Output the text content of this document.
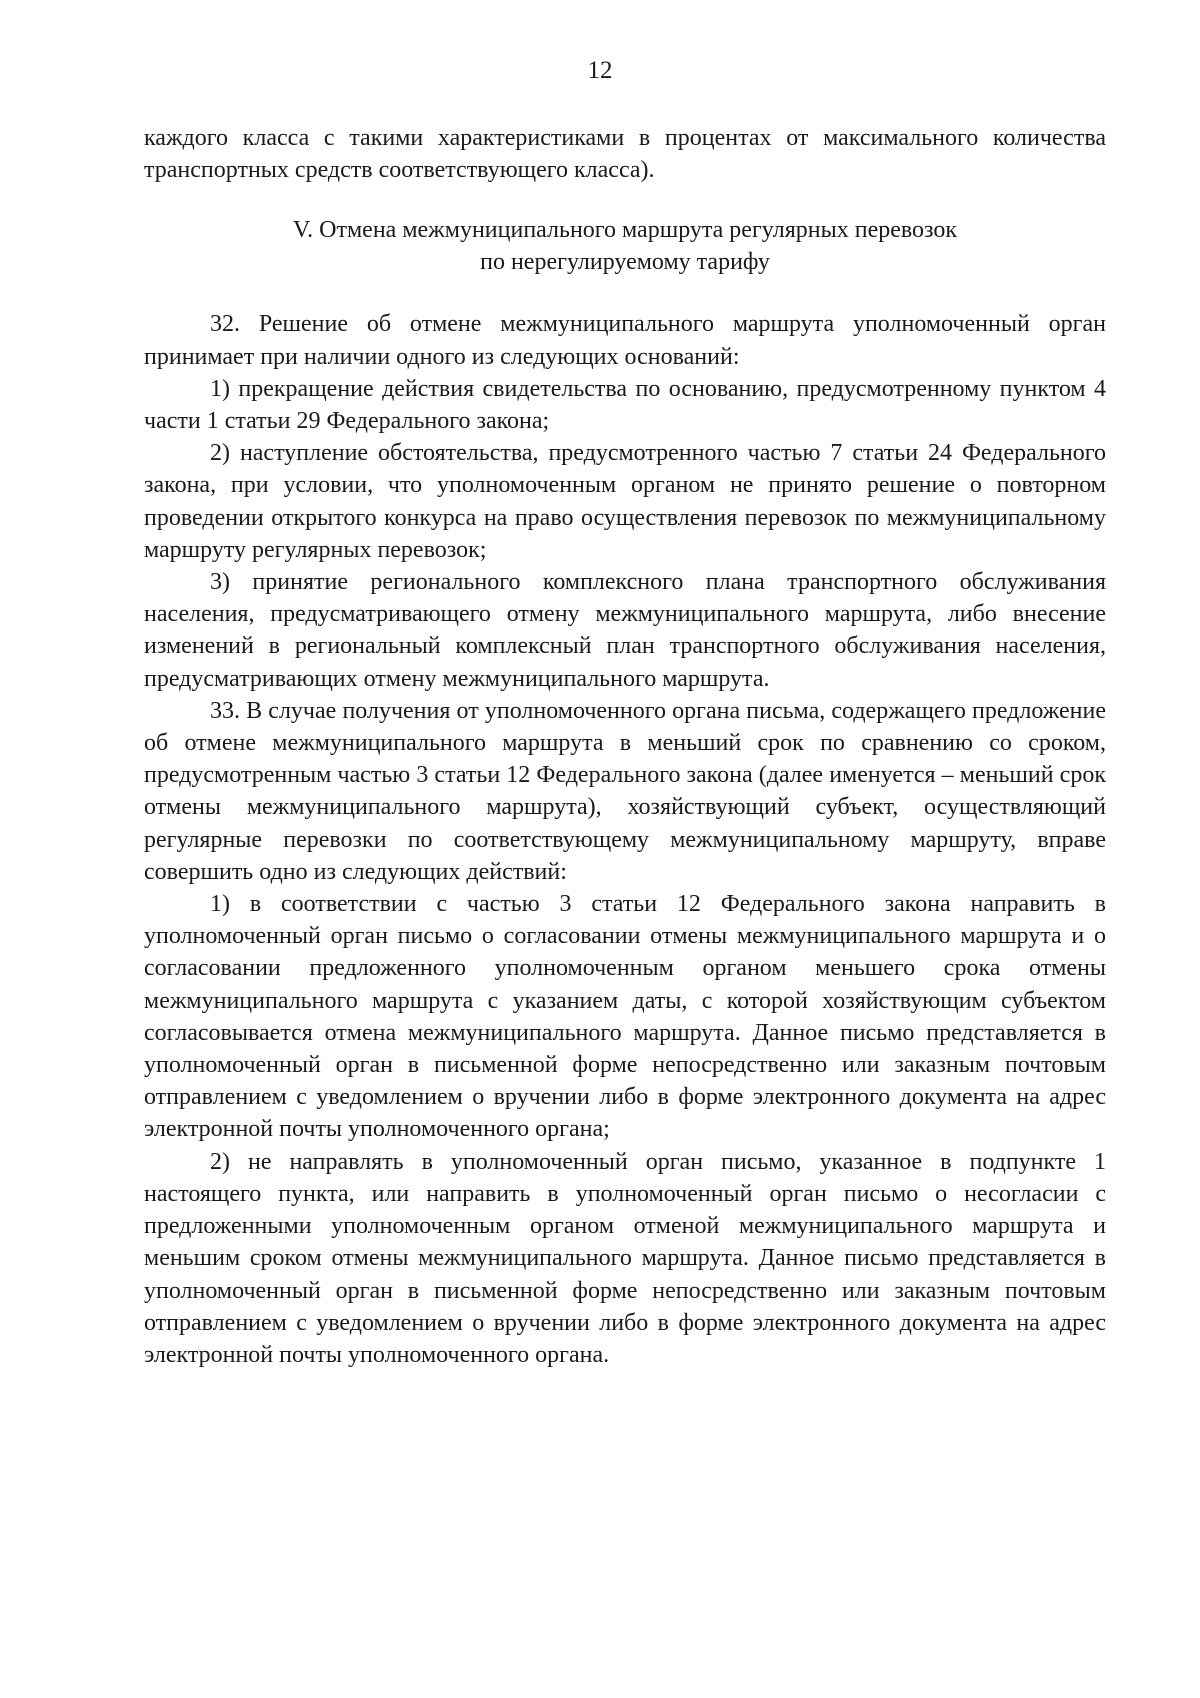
12

каждого класса с такими характеристиками в процентах от максимального количества транспортных средств соответствующего класса).

V. Отмена межмуниципального маршрута регулярных перевозок
по нерегулируемому тарифу

32. Решение об отмене межмуниципального маршрута уполномоченный орган принимает при наличии одного из следующих оснований:

1) прекращение действия свидетельства по основанию, предусмотренному пунктом 4 части 1 статьи 29 Федерального закона;

2) наступление обстоятельства, предусмотренного частью 7 статьи 24 Федерального закона, при условии, что уполномоченным органом не принято решение о повторном проведении открытого конкурса на право осуществления перевозок по межмуниципальному маршруту регулярных перевозок;

3) принятие регионального комплексного плана транспортного обслуживания населения, предусматривающего отмену межмуниципального маршрута, либо внесение изменений в региональный комплексный план транспортного обслуживания населения, предусматривающих отмену межмуниципального маршрута.

33. В случае получения от уполномоченного органа письма, содержащего предложение об отмене межмуниципального маршрута в меньший срок по сравнению со сроком, предусмотренным частью 3 статьи 12 Федерального закона (далее именуется – меньший срок отмены межмуниципального маршрута), хозяйствующий субъект, осуществляющий регулярные перевозки по соответствующему межмуниципальному маршруту, вправе совершить одно из следующих действий:

1) в соответствии с частью 3 статьи 12 Федерального закона направить в уполномоченный орган письмо о согласовании отмены межмуниципального маршрута и о согласовании предложенного уполномоченным органом меньшего срока отмены межмуниципального маршрута с указанием даты, с которой хозяйствующим субъектом согласовывается отмена межмуниципального маршрута. Данное письмо представляется в уполномоченный орган в письменной форме непосредственно или заказным почтовым отправлением с уведомлением о вручении либо в форме электронного документа на адрес электронной почты уполномоченного органа;

2) не направлять в уполномоченный орган письмо, указанное в подпункте 1 настоящего пункта, или направить в уполномоченный орган письмо о несогласии с предложенными уполномоченным органом отменой межмуниципального маршрута и меньшим сроком отмены межмуниципального маршрута. Данное письмо представляется в уполномоченный орган в письменной форме непосредственно или заказным почтовым отправлением с уведомлением о вручении либо в форме электронного документа на адрес электронной почты уполномоченного органа.
